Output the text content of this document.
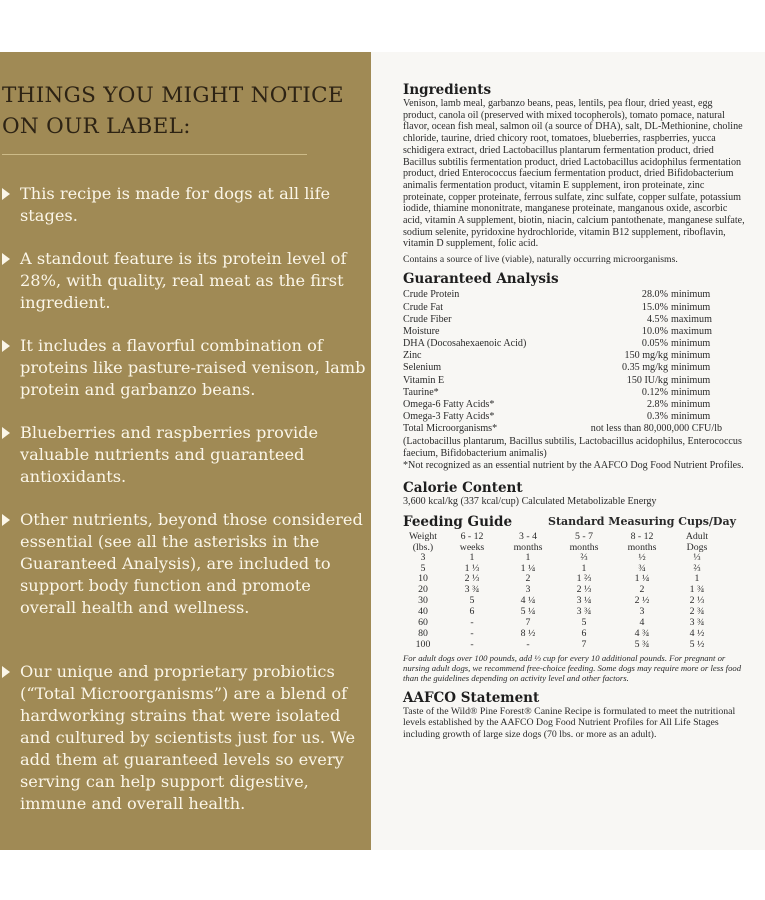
THINGS YOU MIGHT NOTICE ON OUR LABEL:
This recipe is made for dogs at all life stages.
A standout feature is its protein level of 28%, with quality, real meat as the first ingredient.
It includes a flavorful combination of proteins like pasture-raised venison, lamb protein and garbanzo beans.
Blueberries and raspberries provide valuable nutrients and guaranteed antioxidants.
Other nutrients, beyond those considered essential (see all the asterisks in the Guaranteed Analysis), are included to support body function and promote overall health and wellness.
Our unique and proprietary probiotics (“Total Microorganisms”) are a blend of hardworking strains that were isolated and cultured by scientists just for us. We add them at guaranteed levels so every serving can help support digestive, immune and overall health.
Ingredients

Venison, lamb meal, garbanzo beans, peas, lentils, pea flour, dried yeast, egg product, canola oil (preserved with mixed tocopherols), tomato pomace, natural flavor, ocean fish meal, salmon oil (a source of DHA), salt, DL-Methionine, choline chloride, taurine, dried chicory root, tomatoes, blueberries, raspberries, yucca schidigera extract, dried Lactobacillus plantarum fermentation product, dried Bacillus subtilis fermentation product, dried Lactobacillus acidophilus fermentation product, dried Enterococcus faecium fermentation product, dried Bifidobacterium animalis fermentation product, vitamin E supplement, iron proteinate, zinc proteinate, copper proteinate, ferrous sulfate, zinc sulfate, copper sulfate, potassium iodide, thiamine mononitrate, manganese proteinate, manganous oxide, ascorbic acid, vitamin A supplement, biotin, niacin, calcium pantothenate, manganese sulfate, sodium selenite, pyridoxine hydrochloride, vitamin B12 supplement, riboflavin, vitamin D supplement, folic acid.

Contains a source of live (viable), naturally occurring microorganisms.

Guaranteed Analysis
Crude Protein	28.0% minimum
Crude Fat	15.0% minimum
Crude Fiber	4.5% maximum
Moisture	10.0% maximum
DHA (Docosahexaenoic Acid)	0.05% minimum
Zinc	150 mg/kg minimum
Selenium	0.35 mg/kg minimum
Vitamin E	150 IU/kg minimum
Taurine*	0.12% minimum
Omega-6 Fatty Acids*	2.8% minimum
Omega-3 Fatty Acids*	0.3% minimum
Total Microorganisms*	not less than 80,000,000 CFU/lb

(Lactobacillus plantarum, Bacillus subtilis, Lactobacillus acidophilus, Enterococcus faecium, Bifidobacterium animalis)
*Not recognized as an essential nutrient by the AAFCO Dog Food Nutrient Profiles.

Calorie Content

3,600 kcal/kg (337 kcal/cup) Calculated Metabolizable Energy

Feeding Guide	Standard Measuring Cups/Day
Weight	6 - 12	3 - 4	5 - 7	8 - 12	Adult
(lbs.)	weeks	months	months	months	Dogs
3	1	1	⅔	½	⅓
5	1 ⅓	1 ¼	1	¾	⅔
10	2 ⅓	2	1 ⅔	1 ¼	1
20	3 ¾	3	2 ⅓	2	1 ¾
30	5	4 ¼	3 ¼	2 ½	2 ⅓
40	6	5 ¼	3 ¾	3	2 ¾
60	-	7	5	4	3 ¾
80	-	8 ½	6	4 ¾	4 ½
100	-	-	7	5 ¾	5 ½

For adult dogs over 100 pounds, add ⅓ cup for every 10 additional pounds. For pregnant or nursing adult dogs, we recommend free-choice feeding. Some dogs may require more or less food than the guidelines depending on activity level and other factors.

AAFCO Statement

Taste of the Wild® Pine Forest® Canine Recipe is formulated to meet the nutritional levels established by the AAFCO Dog Food Nutrient Profiles for All Life Stages including growth of large size dogs (70 lbs. or more as an adult).
